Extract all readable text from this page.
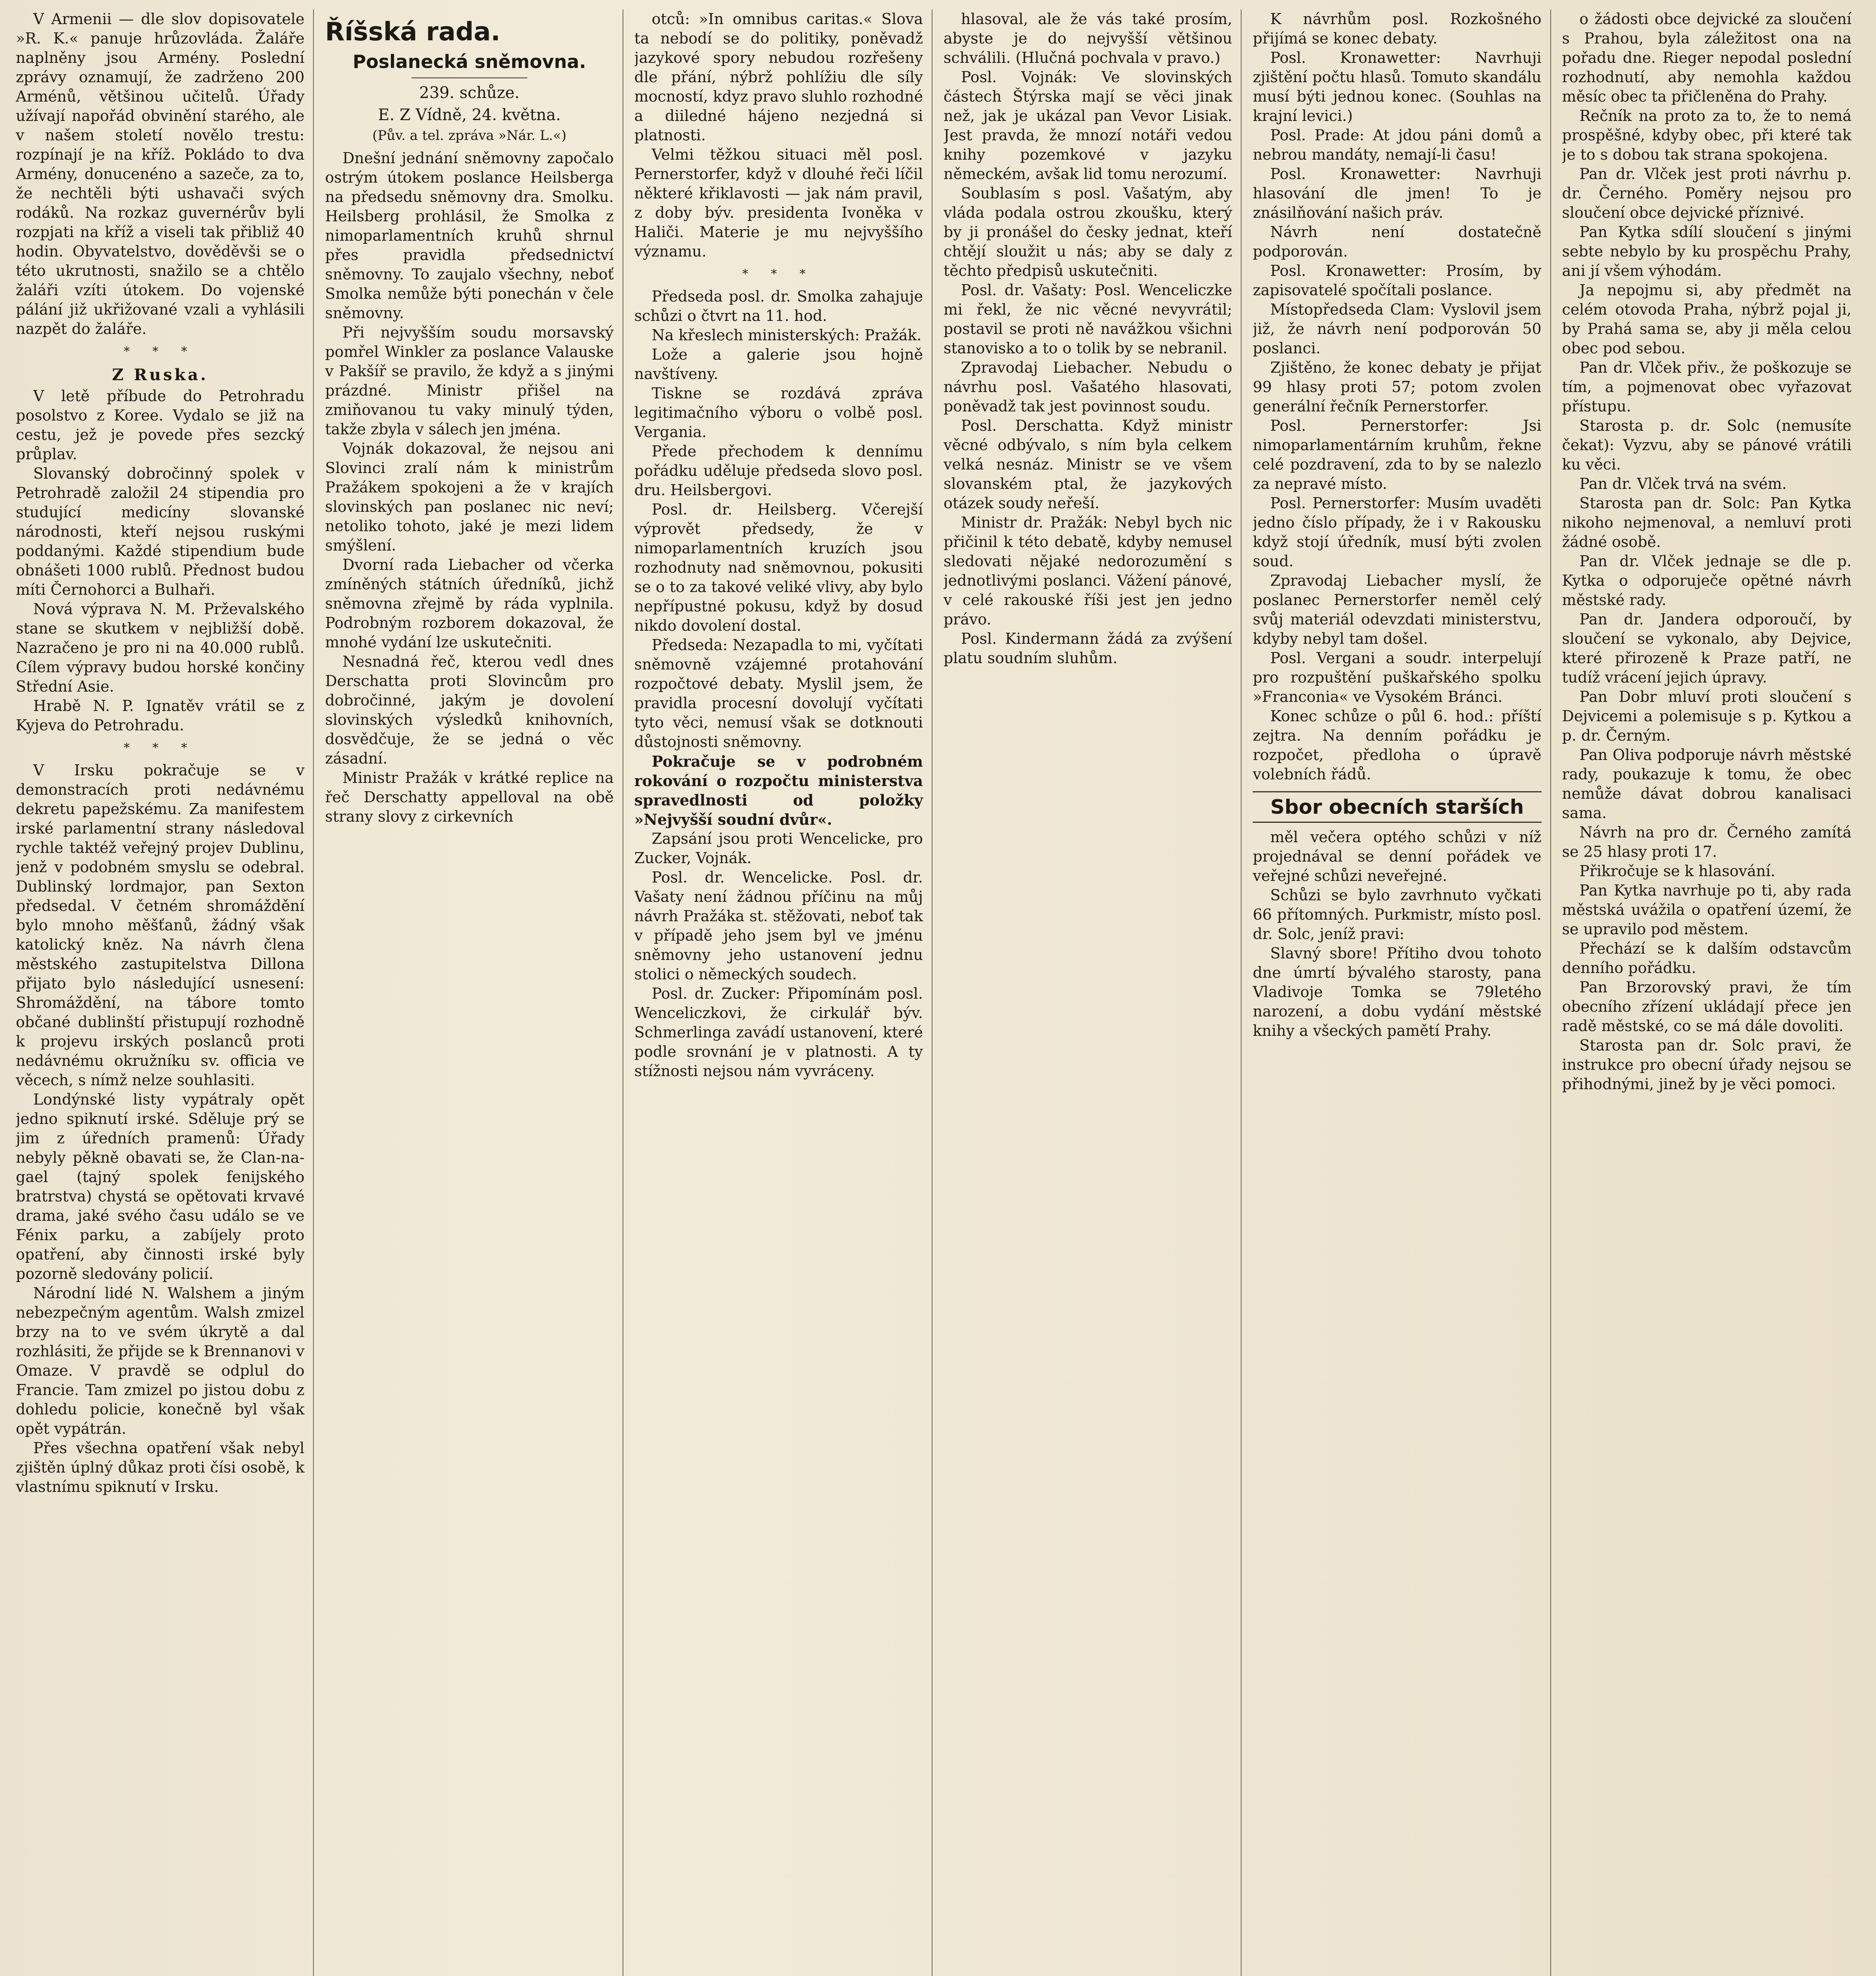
V Armenii — dle slov dopisovatele »R. K.« panuje hrůzovláda. Žaláře naplněny jsou Armény. Poslední zprávy oznamují, že zadrženo 200 Arménů, většinou učitelů. Úřady užívají napořád obvinění starého, ale v našem století novělo trestu: rozpínají je na kříž. Pokládo to dva Armény, donucenéno a sazeče, za to, že nechtěli býti ushavači svých rodáků. Na rozkaz guvernérův byli rozpjati na kříž a viseli tak přibliž 40 hodin. Obyvatelstvo, dověděvši se o této ukrutnosti, snažilo se a chtělo žaláři vzíti útokem. Do vojenské pálání již ukřižované vzali a vyhlásili nazpět do žaláře.

* * *
Z Ruska.

V letě příbude do Petrohradu posolstvo z Koree. Vydalo se již na cestu, jež je povede přes sezcký průplav.

Slovanský dobročinný spolek v Petrohradě založil 24 stipendia pro studující medicíny slovanské národnosti, kteří nejsou ruskými poddanými. Každé stipendium bude obnášeti 1000 rublů. Přednost budou míti Černohorci a Bulhaři.

Nová výprava N. M. Prževalského stane se skutkem v nejbližší době. Nazračeno je pro ni na 40.000 rublů. Cílem výpravy budou horské končiny Střední Asie.

Hrabě N. P. Ignatěv vrátil se z Kyjeva do Petrohradu.

* * *

V Irsku pokračuje se v demonstracích proti nedávnému dekretu papežskému. Za manifestem irské parlamentní strany následoval rychle taktéž veřejný projev Dublinu, jenž v podobném smyslu se odebral. Dublinský lordmajor, pan Sexton předsedal. V četném shromáždění bylo mnoho měšťanů, žádný však katolický kněz. Na návrh člena městského zastupitelstva Dillona přijato bylo následující usnesení: Shromáždění, na tábore tomto občané dublinští přistupují rozhodně k projevu irských poslanců proti nedávnému okružníku sv. officia ve věcech, s nímž nelze souhlasiti.

Londýnské listy vypátraly opět jedno spiknutí irské. Sděluje prý se jim z úředních pramenů: Úřady nebyly pěkně obavati se, že Clan-na-gael (tajný spolek fenijského bratrstva) chystá se opětovati krvavé drama, jaké svého času událo se ve Fénix parku, a zabíjely proto opatření, aby činnosti irské byly pozorně sledovány policií.

Národní lidé N. Walshem a jiným nebezpečným agentům. Walsh zmizel brzy na to ve svém úkrytě a dal rozhlásiti, že přijde se k Brennanovi v Omaze. V pravdě se odplul do Francie. Tam zmizel po jistou dobu z dohledu policie, konečně byl však opět vypátrán.

Přes všechna opatření však nebyl zjištěn úplný důkaz proti čísi osobě, k vlastnímu spiknutí v Irsku.

Říšská rada.
Poslanecká sněmovna.
239. schůze.
E. Z Vídně, 24. května.
(Pův. a tel. zpráva »Nár. L.«)

Dnešní jednání sněmovny započalo ostrým útokem poslance Heilsberga na předsedu sněmovny dra. Smolku. Heilsberg prohlásil, že Smolka z nimoparlamentních kruhů shrnul přes pravidla předsednictví sněmovny. To zaujalo všechny, neboť Smolka nemůže býti ponechán v čele sněmovny.

Při nejvyšším soudu morsavský pomřel Winkler za poslance Valauske v Pakšíř se pravilo, že když a s jinými prázdné. Ministr přišel na zmiňovanou tu vaky minulý týden, takže zbyla v sálech jen jména.

Vojnák dokazoval, že nejsou ani Slovinci zralí nám k ministrům Pražákem spokojeni a že v krajích slovinských pan poslanec nic neví; netoliko tohoto, jaké je mezi lidem smýšlení.

Dvorní rada Liebacher od včerka zmíněných státních úředníků, jichž sněmovna zřejmě by ráda vyplnila. Podrobným rozborem dokazoval, že mnohé vydání lze uskutečniti.

Nesnadná řeč, kterou vedl dnes Derschatta proti Slovincům pro dobročinné, jakým je dovolení slovinských výsledků knihovních, dosvědčuje, že se jedná o věc zásadní.

Ministr Pražák v krátké replice na řeč Derschatty appelloval na obě strany slovy z cirkevních

otců: »In omnibus caritas.« Slova ta nebodí se do politiky, poněvadž jazykové spory nebudou rozřešeny dle přání, nýbrž pohlížiu dle síly mocností, kdyz pravo sluhlo rozhodné a diiledné hájeno nezjedná si platnosti.

Velmi těžkou situaci měl posl. Pernerstorfer, když v dlouhé řeči líčil některé křiklavosti — jak nám pravil, z doby býv. presidenta Ivoněka v Haliči. Materie je mu nejvyššího významu.

* * *

Předseda posl. dr. Smolka zahajuje schůzi o čtvrt na 11. hod.

Na křeslech ministerských: Pražák.

Lože a galerie jsou hojně navštíveny.

Tiskne se rozdává zpráva legitimačního výboru o volbě posl. Vergania.

Přede přechodem k dennímu pořádku udělujе předseda slovo posl. dru. Heilsbergovi.

Posl. dr. Heilsberg. Včerejší výprovět předsedy, že v nimoparlamentních kruzích jsou rozhodnuty nad sněmovnou, pokusiti se o to za takové veliké vlivy, aby bylo nepřípustné pokusu, když by dosud nikdo dovolení dostal.

Předseda: Nezapadla to mi, vyčítati sněmovně vzájemné protahování rozpočtové debaty. Myslil jsem, že pravidla procesní dovolují vyčítati tyto věci, nemusí však se dotknouti důstojnosti sněmovny.

Pokračuje se v podrobném rokování o rozpočtu ministerstva spravedlnosti od položky »Nejvyšší soudní dvůr«.

Zapsání jsou proti Wencelicke, pro Zucker, Vojnák.

Posl. dr. Wencelicke. Posl. dr. Vašaty není žádnou příčinu na můj návrh Pražáka st. stěžovati, neboť tak v případě jeho jsem byl ve jménu sněmovny jeho ustanovení jednu stolici o německých soudech.

Posl. dr. Zucker: Připomínám posl. Wenceliczkovi, že cirkulář býv. Schmerlinga zavádí ustanovení, které podle srovnání je v platnosti. A ty stížnosti nejsou nám vyvráceny.

hlasoval, ale že vás také prosím, abyste je do nejvyšší většinou schválili. (Hlučná pochvala v pravo.)

Posl. Vojnák: Ve slovinských částech Štýrska mají se věci jinak než, jak je ukázal pan Vevor Lisiak. Jest pravda, že mnozí notáři vedou knihy pozemkové v jazyku německém, avšak lid tomu nerozumí.

Soublasím s posl. Vašatým, aby vláda podala ostrou zkoušku, který by ji pronášel do česky jednat, kteří chtějí sloužit u nás; aby se daly z těchto předpisů uskutečniti.

Posl. dr. Vašaty: Posl. Wenceliczke mi řekl, že nic věcné nevyvrátil; postavil se proti ně navážkou všichni stanovisko a to o tolik by se nebranil.

Zpravodaj Liebacher. Nebudu o návrhu posl. Vašatého hlasovati, poněvadž tak jest povinnost soudu.

Posl. Derschatta. Když ministr věcné odbývalo, s ním byla celkem velká nesnáz. Ministr se ve všem slovanském ptal, že jazykových otázek soudy neřeší.

Ministr dr. Pražák: Nebyl bych nic přičinil k této debatě, kdyby nemusel sledovati nějaké nedorozumění s jednotlivými poslanci. Vážení pánové, v celé rakouské říši jest jen jedno právo.

Posl. Kindermann žádá za zvýšení platu soudním sluhům.

K návrhům posl. Rozkošného přijímá se konec debaty.

Posl. Kronawetter: Navrhuji zjištění počtu hlasů. Tomuto skandálu musí býti jednou konec. (Souhlas na krajní levici.)

Posl. Prade: At jdou páni domů a nebrou mandáty, nemají-li času!

Posl. Kronawetter: Navrhuji hlasování dle jmen! To je znásilňování našich práv.

Návrh není dostatečně podporován.

Posl. Kronawetter: Prosím, by zapisovatelé spočítali poslance.

Místopředseda Clam: Vyslovil jsem již, že návrh není podporován 50 poslanci.

Zjištěno, že konec debaty je přijat 99 hlasy proti 57; potom zvolen generální řečník Pernerstorfer.

Posl. Pernerstorfer: Jsi nimoparlamentárním kruhům, řekne celé pozdravení, zda to by se nalezlo za nepravé místo.

Posl. Pernerstorfer: Musím uvaděti jedno číslo případy, že i v Rakousku když stojí úředník, musí býti zvolen soud.

Zpravodaj Liebacher myslí, že poslanec Pernerstorfer neměl celý svůj materiál odevzdati ministerstvu, kdyby nebyl tam došel.

Posl. Vergani a soudr. interpelují pro rozpuštění puškařského spolku »Franconia« ve Vysokém Bránci.

Konec schůze o půl 6. hod.: příští zejtra. Na denním pořádku je rozpočet, předloha o úpravě volebních řádů.

Sbor obecních starších

měl večera optého schůzi v níž projednával se denní pořádek ve veřejné schůzi neveřejné.

Schůzi se bylo zavrhnuto vyčkati 66 přítomných. Purkmistr, místo posl. dr. Solc, jeníž pravi:

Slavný sbore! Přítiho dvou tohoto dne úmrtí bývalého starosty, pana Vladivoje Tomka se 79letého narození, a dobu vydání městské knihy a všeckých pamětí Prahy.

o žádosti obce dejvické za sloučení s Prahou, byla záležitost ona na pořadu dne. Rieger nepodal poslední rozhodnutí, aby nemohla každou měsíc obec ta přičleněna do Prahy.

Rečník na proto za to, že to nemá prospěšné, kdyby obec, při které tak je to s dobou tak strana spokojena.

Pan dr. Vlček jest proti návrhu p. dr. Černého. Poměry nejsou pro sloučení obce dejvické příznivé.

Pan Kytka sdílí sloučení s jinými sebte nebylo by ku prospěchu Prahy, ani jí všem výhodám.

Ja nepojmu si, aby předmět na celém otovoda Praha, nýbrž pojal ji, by Prahá sama se, aby ji měla celou obec pod sebou.

Pan dr. Vlček přiv., že poškozuje se tím, a pojmenovat obec vyřazovat přístupu.

Starosta p. dr. Solc (nemusíte čekat): Vyzvu, aby se pánové vrátili ku věci.

Pan dr. Vlček trvá na svém.

Starosta pan dr. Solc: Pan Kytka nikoho nejmenoval, a nemluví proti žádné osobě.

Pan dr. Vlček jednaje se dle p. Kytka o odporuječe opětné návrh městské rady.

Pan dr. Jandera odporoučí, by sloučení se vykonalo, aby Dejvice, které přirozeně k Praze patří, ne tudíž vrácení jejich úpravy.

Pan Dobr mluví proti sloučení s Dejvicemi a polemisuje s p. Kytkou a p. dr. Černým.

Pan Oliva podporuje návrh městské rady, poukazuje k tomu, že obec nemůže dávat dobrou kanalisaci sama.

Návrh na pro dr. Černého zamítá se 25 hlasy proti 17.

Přikročuje se k hlasování.

Pan Kytka navrhuje po ti, aby rada městská uvážila o opatření území, že se upravilo pod městem.

Přechází se k dalším odstavcům denního pořádku.

Pan Brzorovský pravi, že tím obecního zřízení ukládají přece jen radě městské, co se má dále dovoliti.

Starosta pan dr. Solc pravi, že instrukce pro obecní úřady nejsou se přihodnými, jinež by je věci pomoci.
